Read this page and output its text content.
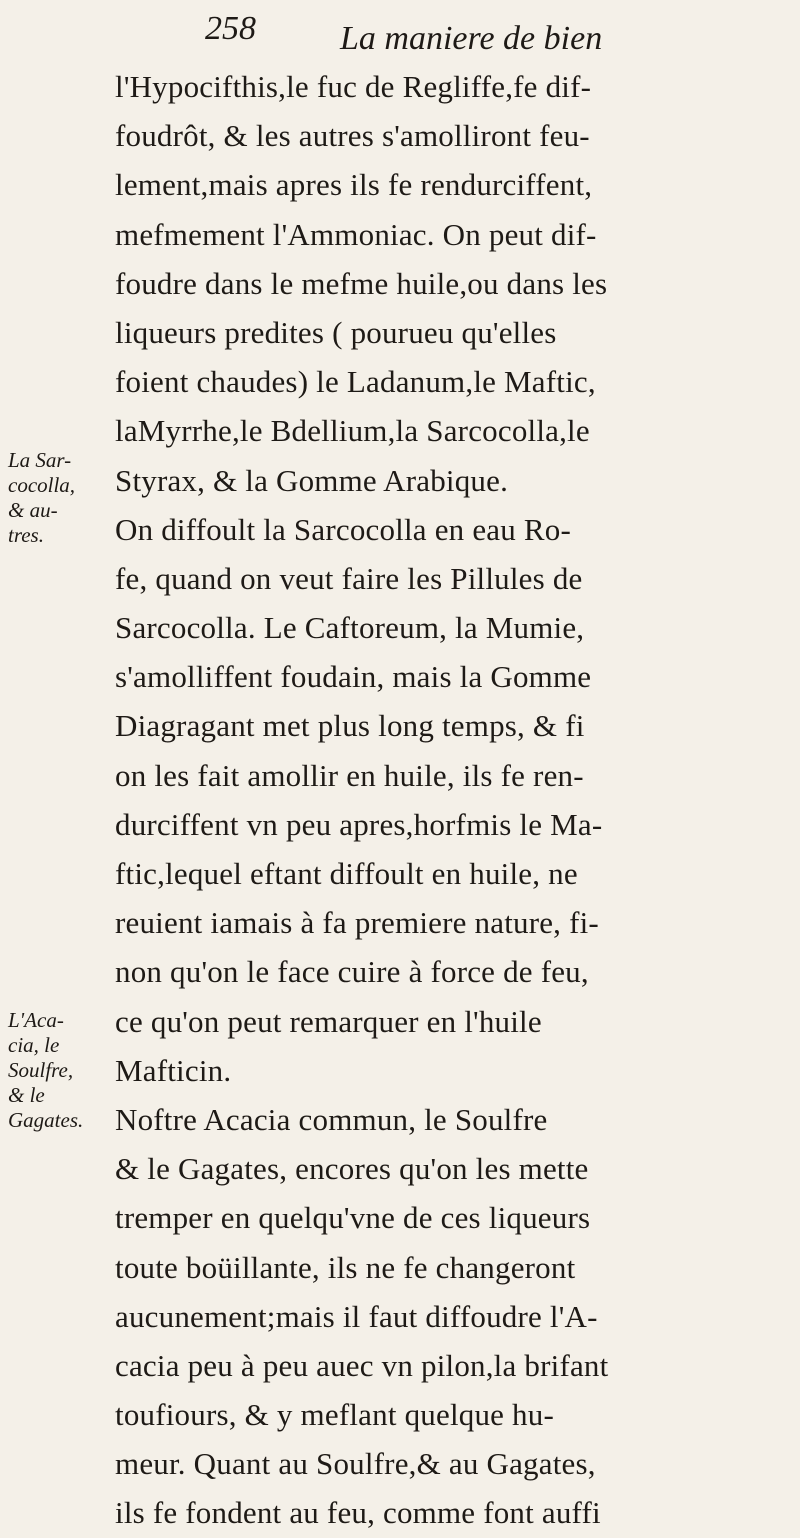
258 La maniere de bien
l'Hypocifthis,le fuc de Regliffe,fe dif-
foudrôt, & les autres s'amolliront feu-
lement,mais apres ils fe rendurciffent,
mefmement l'Ammoniac. On peut dif-
foudre dans le mefme huile,ou dans les
liqueurs predites ( pourueu qu'elles
foient chaudes) le Ladanum,le Maftic,
laMyrrhe,le Bdellium,la Sarcocolla,le
Styrax, & la Gomme Arabique.
On diffoult la Sarcocolla en eau Ro-
fe, quand on veut faire les Pillules de
Sarcocolla. Le Caftoreum, la Mumie,
s'amolliffent foudain, mais la Gomme
Diagragant met plus long temps, & fi
on les fait amollir en huile, ils fe ren-
durciffent vn peu apres,horfmis le Ma-
ftic,lequel eftant diffoult en huile, ne
reuient iamais à fa premiere nature, fi-
non qu'on le face cuire à force de feu,
ce qu'on peut remarquer en l'huile
Mafticin.
Noftre Acacia commun, le Soulfre
& le Gagates, encores qu'on les mette
tremper en quelqu'vne de ces liqueurs
toute boüillante, ils ne fe changeront
aucunement;mais il faut diffoudre l'A-
cacia peu à peu auec vn pilon,la brifant
toufiours, & y meflant quelque hu-
meur. Quant au Soulfre,& au Gagates,
ils fe fondent au feu, comme font auffi
La Sar-
cocolla,
& au-
tres.
L'Aca-
cia, le
Soulfre,
& le
Gagates.
